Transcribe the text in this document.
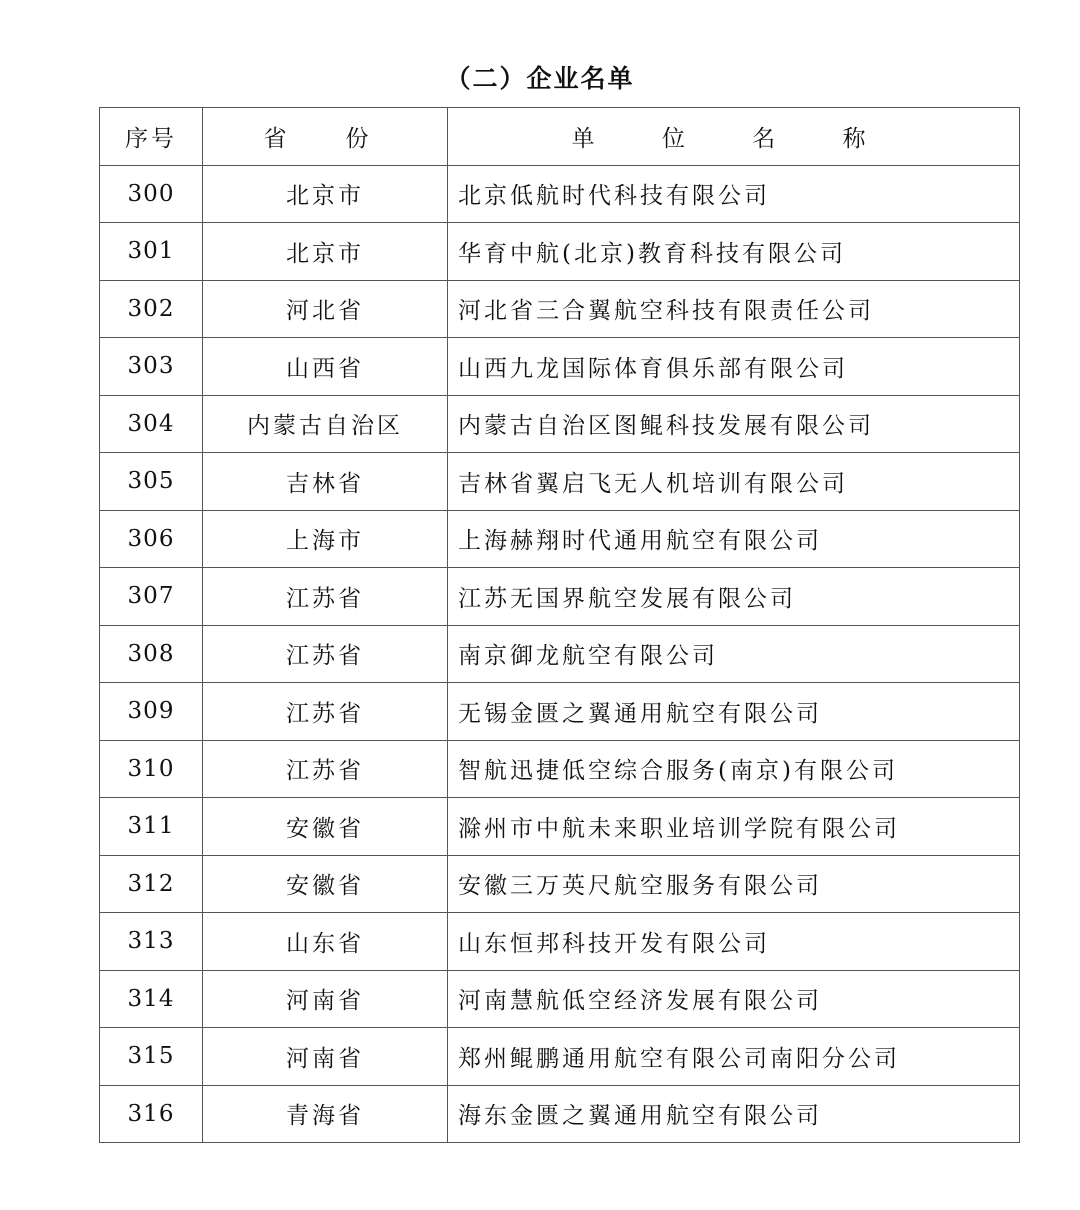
（二）企业名单
序号	省　份	单 位 名 称
300	北京市	北京低航时代科技有限公司
301	北京市	华育中航(北京)教育科技有限公司
302	河北省	河北省三合翼航空科技有限责任公司
303	山西省	山西九龙国际体育俱乐部有限公司
304	内蒙古自治区	内蒙古自治区图鲲科技发展有限公司
305	吉林省	吉林省翼启飞无人机培训有限公司
306	上海市	上海赫翔时代通用航空有限公司
307	江苏省	江苏无国界航空发展有限公司
308	江苏省	南京御龙航空有限公司
309	江苏省	无锡金匮之翼通用航空有限公司
310	江苏省	智航迅捷低空综合服务(南京)有限公司
311	安徽省	滁州市中航未来职业培训学院有限公司
312	安徽省	安徽三万英尺航空服务有限公司
313	山东省	山东恒邦科技开发有限公司
314	河南省	河南慧航低空经济发展有限公司
315	河南省	郑州鲲鹏通用航空有限公司南阳分公司
316	青海省	海东金匮之翼通用航空有限公司
